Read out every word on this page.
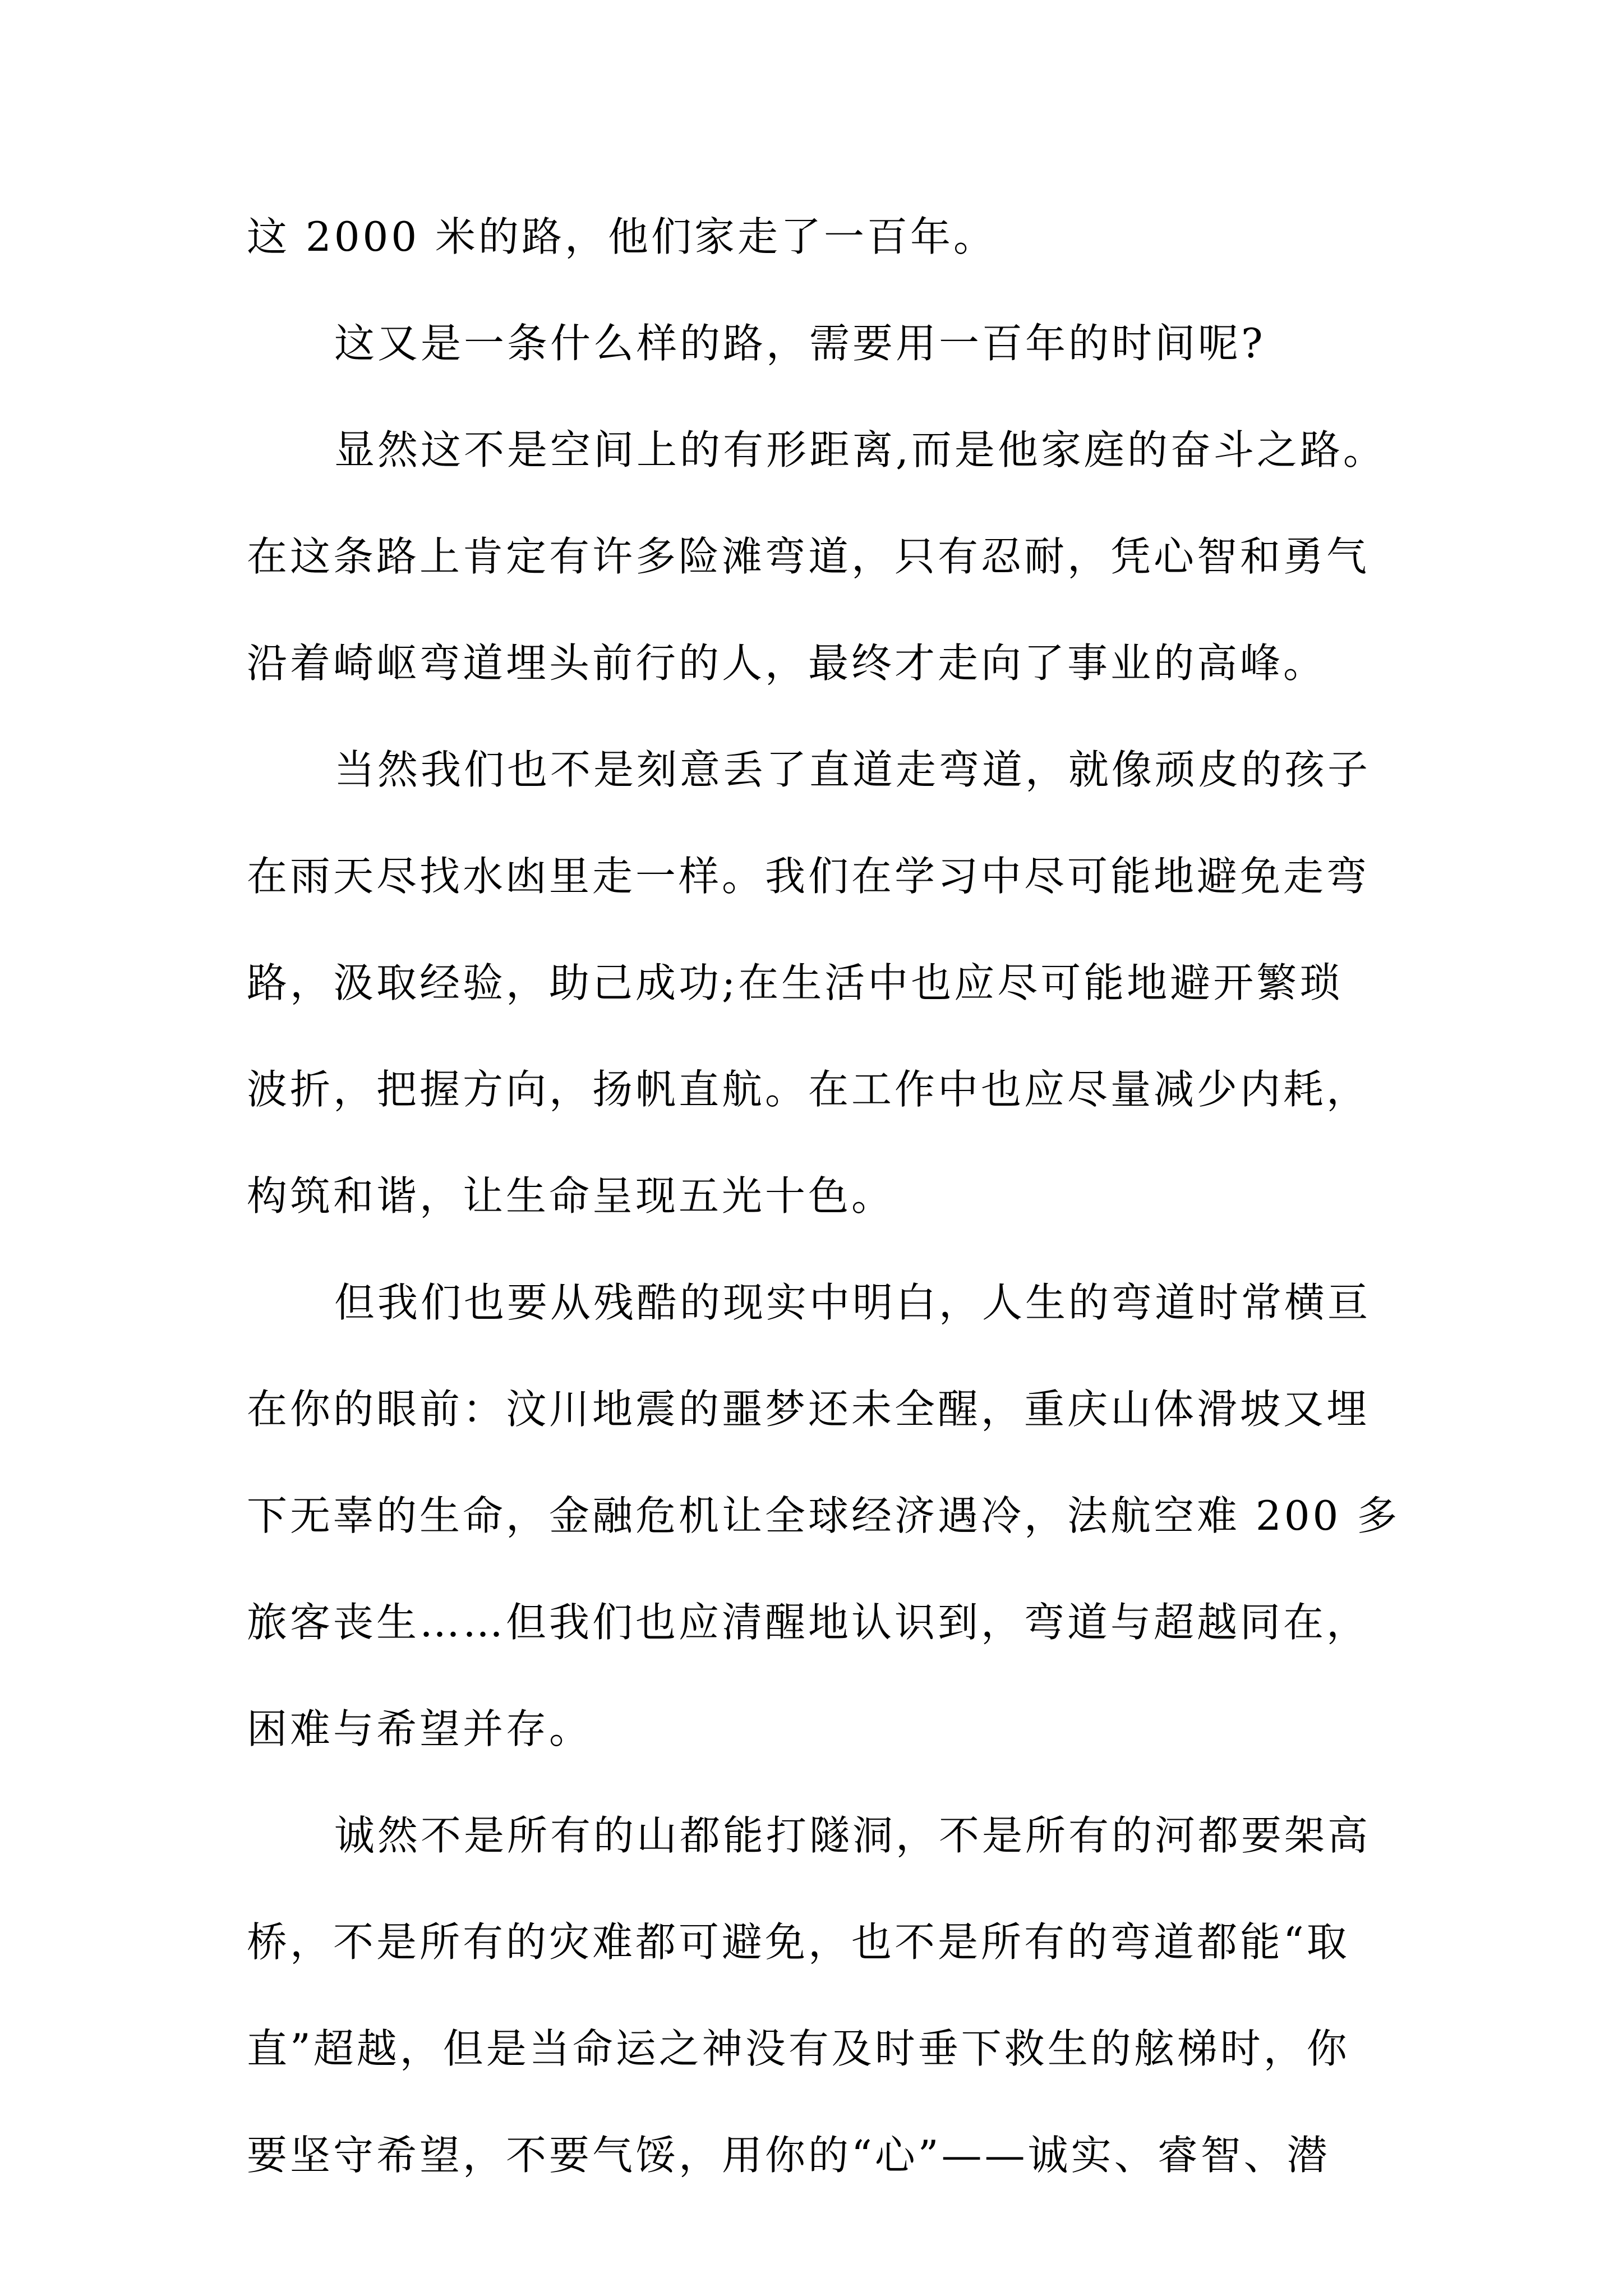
这 2000 米的路，他们家走了一百年。

这又是一条什么样的路，需要用一百年的时间呢?

显然这不是空间上的有形距离,而是他家庭的奋斗之路。

在这条路上肯定有许多险滩弯道，只有忍耐，凭心智和勇气

沿着崎岖弯道埋头前行的人，最终才走向了事业的高峰。

当然我们也不是刻意丢了直道走弯道，就像顽皮的孩子

在雨天尽找水凼里走一样。我们在学习中尽可能地避免走弯

路，汲取经验，助己成功;在生活中也应尽可能地避开繁琐

波折，把握方向，扬帆直航。在工作中也应尽量减少内耗，

构筑和谐，让生命呈现五光十色。

但我们也要从残酷的现实中明白，人生的弯道时常横亘

在你的眼前：汶川地震的噩梦还未全醒，重庆山体滑坡又埋

下无辜的生命，金融危机让全球经济遇冷，法航空难 200 多

旅客丧生……但我们也应清醒地认识到，弯道与超越同在，

困难与希望并存。

诚然不是所有的山都能打隧洞，不是所有的河都要架高

桥，不是所有的灾难都可避免，也不是所有的弯道都能“取

直”超越，但是当命运之神没有及时垂下救生的舷梯时，你

要坚守希望，不要气馁，用你的“心”——诚实、睿智、潜
